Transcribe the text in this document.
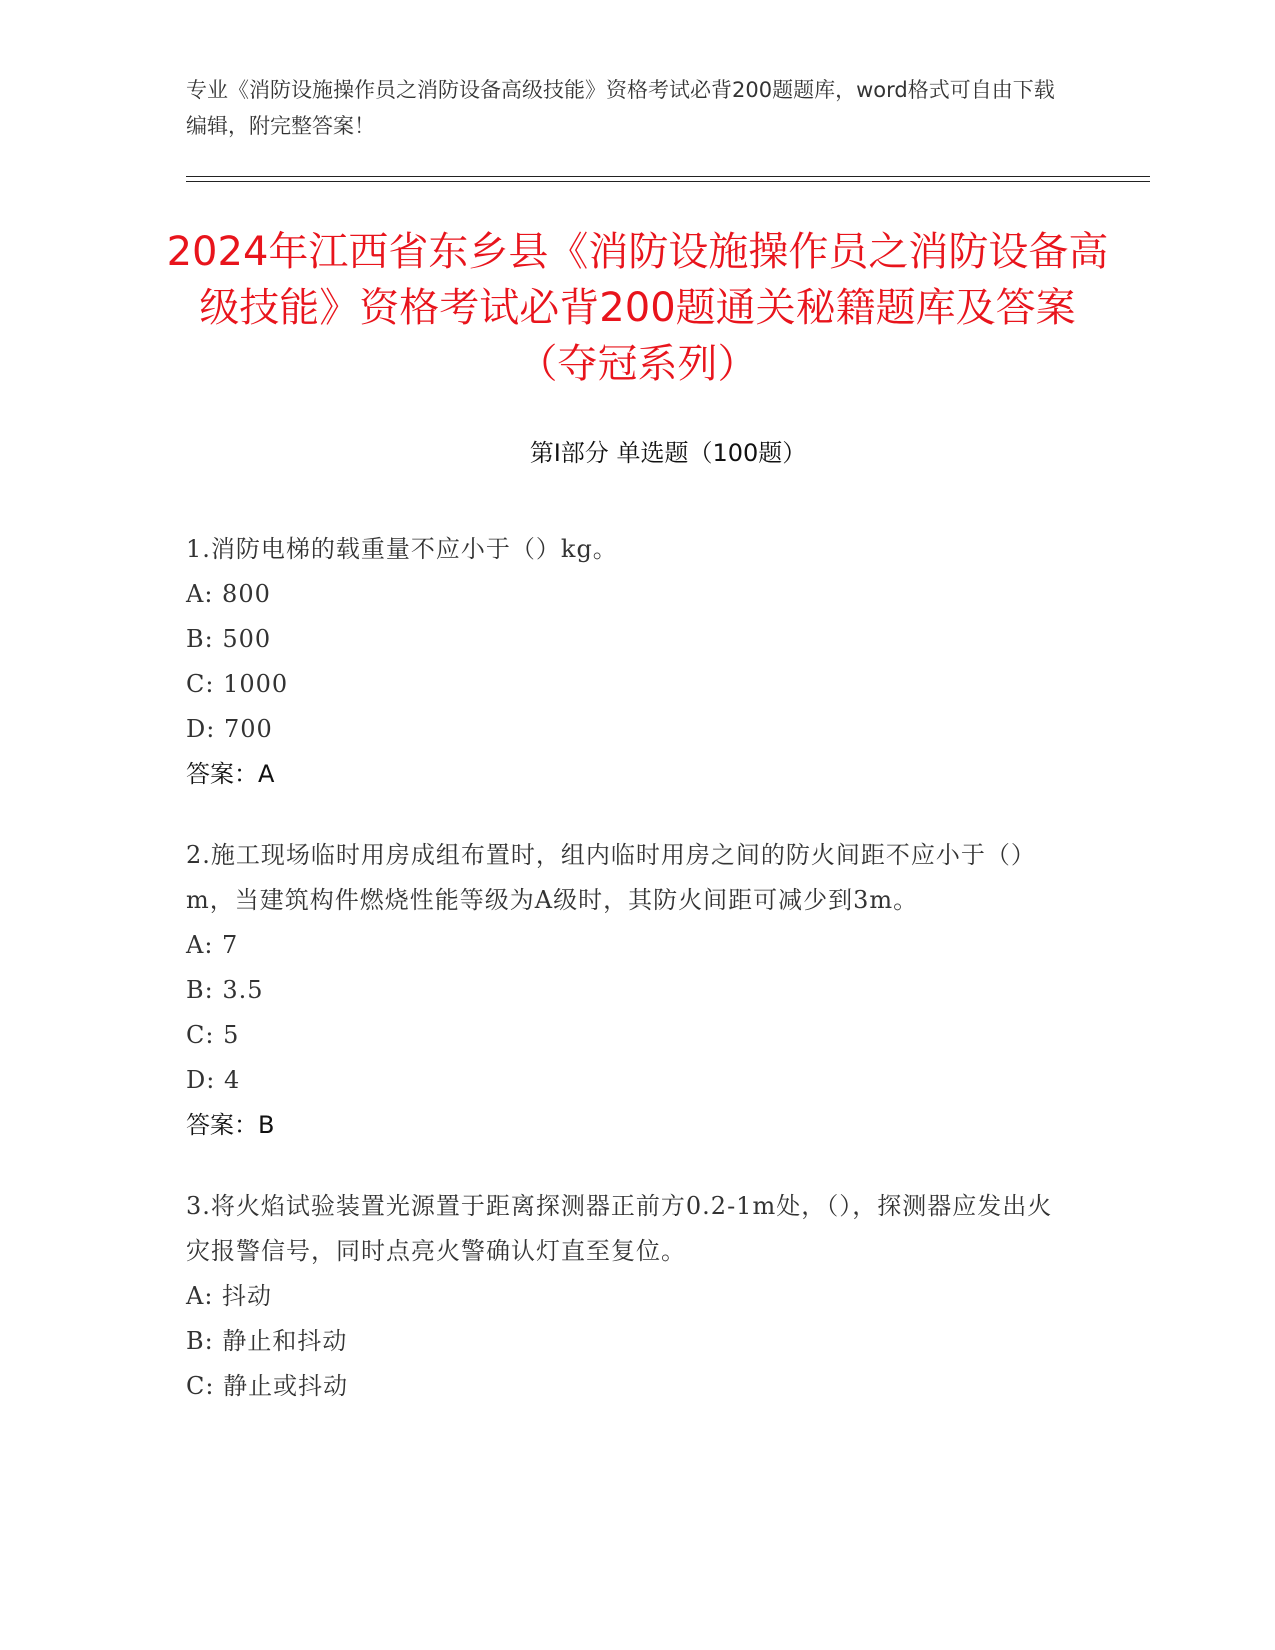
专业《消防设施操作员之消防设备高级技能》资格考试必背200题题库，word格式可自由下载编辑，附完整答案！
2024年江西省东乡县《消防设施操作员之消防设备高级技能》资格考试必背200题通关秘籍题库及答案（夺冠系列）
第Ⅰ部分 单选题（100题）
1.消防电梯的载重量不应小于（）kg。
A: 800
B: 500
C: 1000
D: 700
答案：A
2.施工现场临时用房成组布置时，组内临时用房之间的防火间距不应小于（）m，当建筑构件燃烧性能等级为A级时，其防火间距可减少到3m。
A: 7
B: 3.5
C: 5
D: 4
答案：B
3.将火焰试验装置光源置于距离探测器正前方0.2-1m处，（），探测器应发出火灾报警信号，同时点亮火警确认灯直至复位。
A: 抖动
B: 静止和抖动
C: 静止或抖动
